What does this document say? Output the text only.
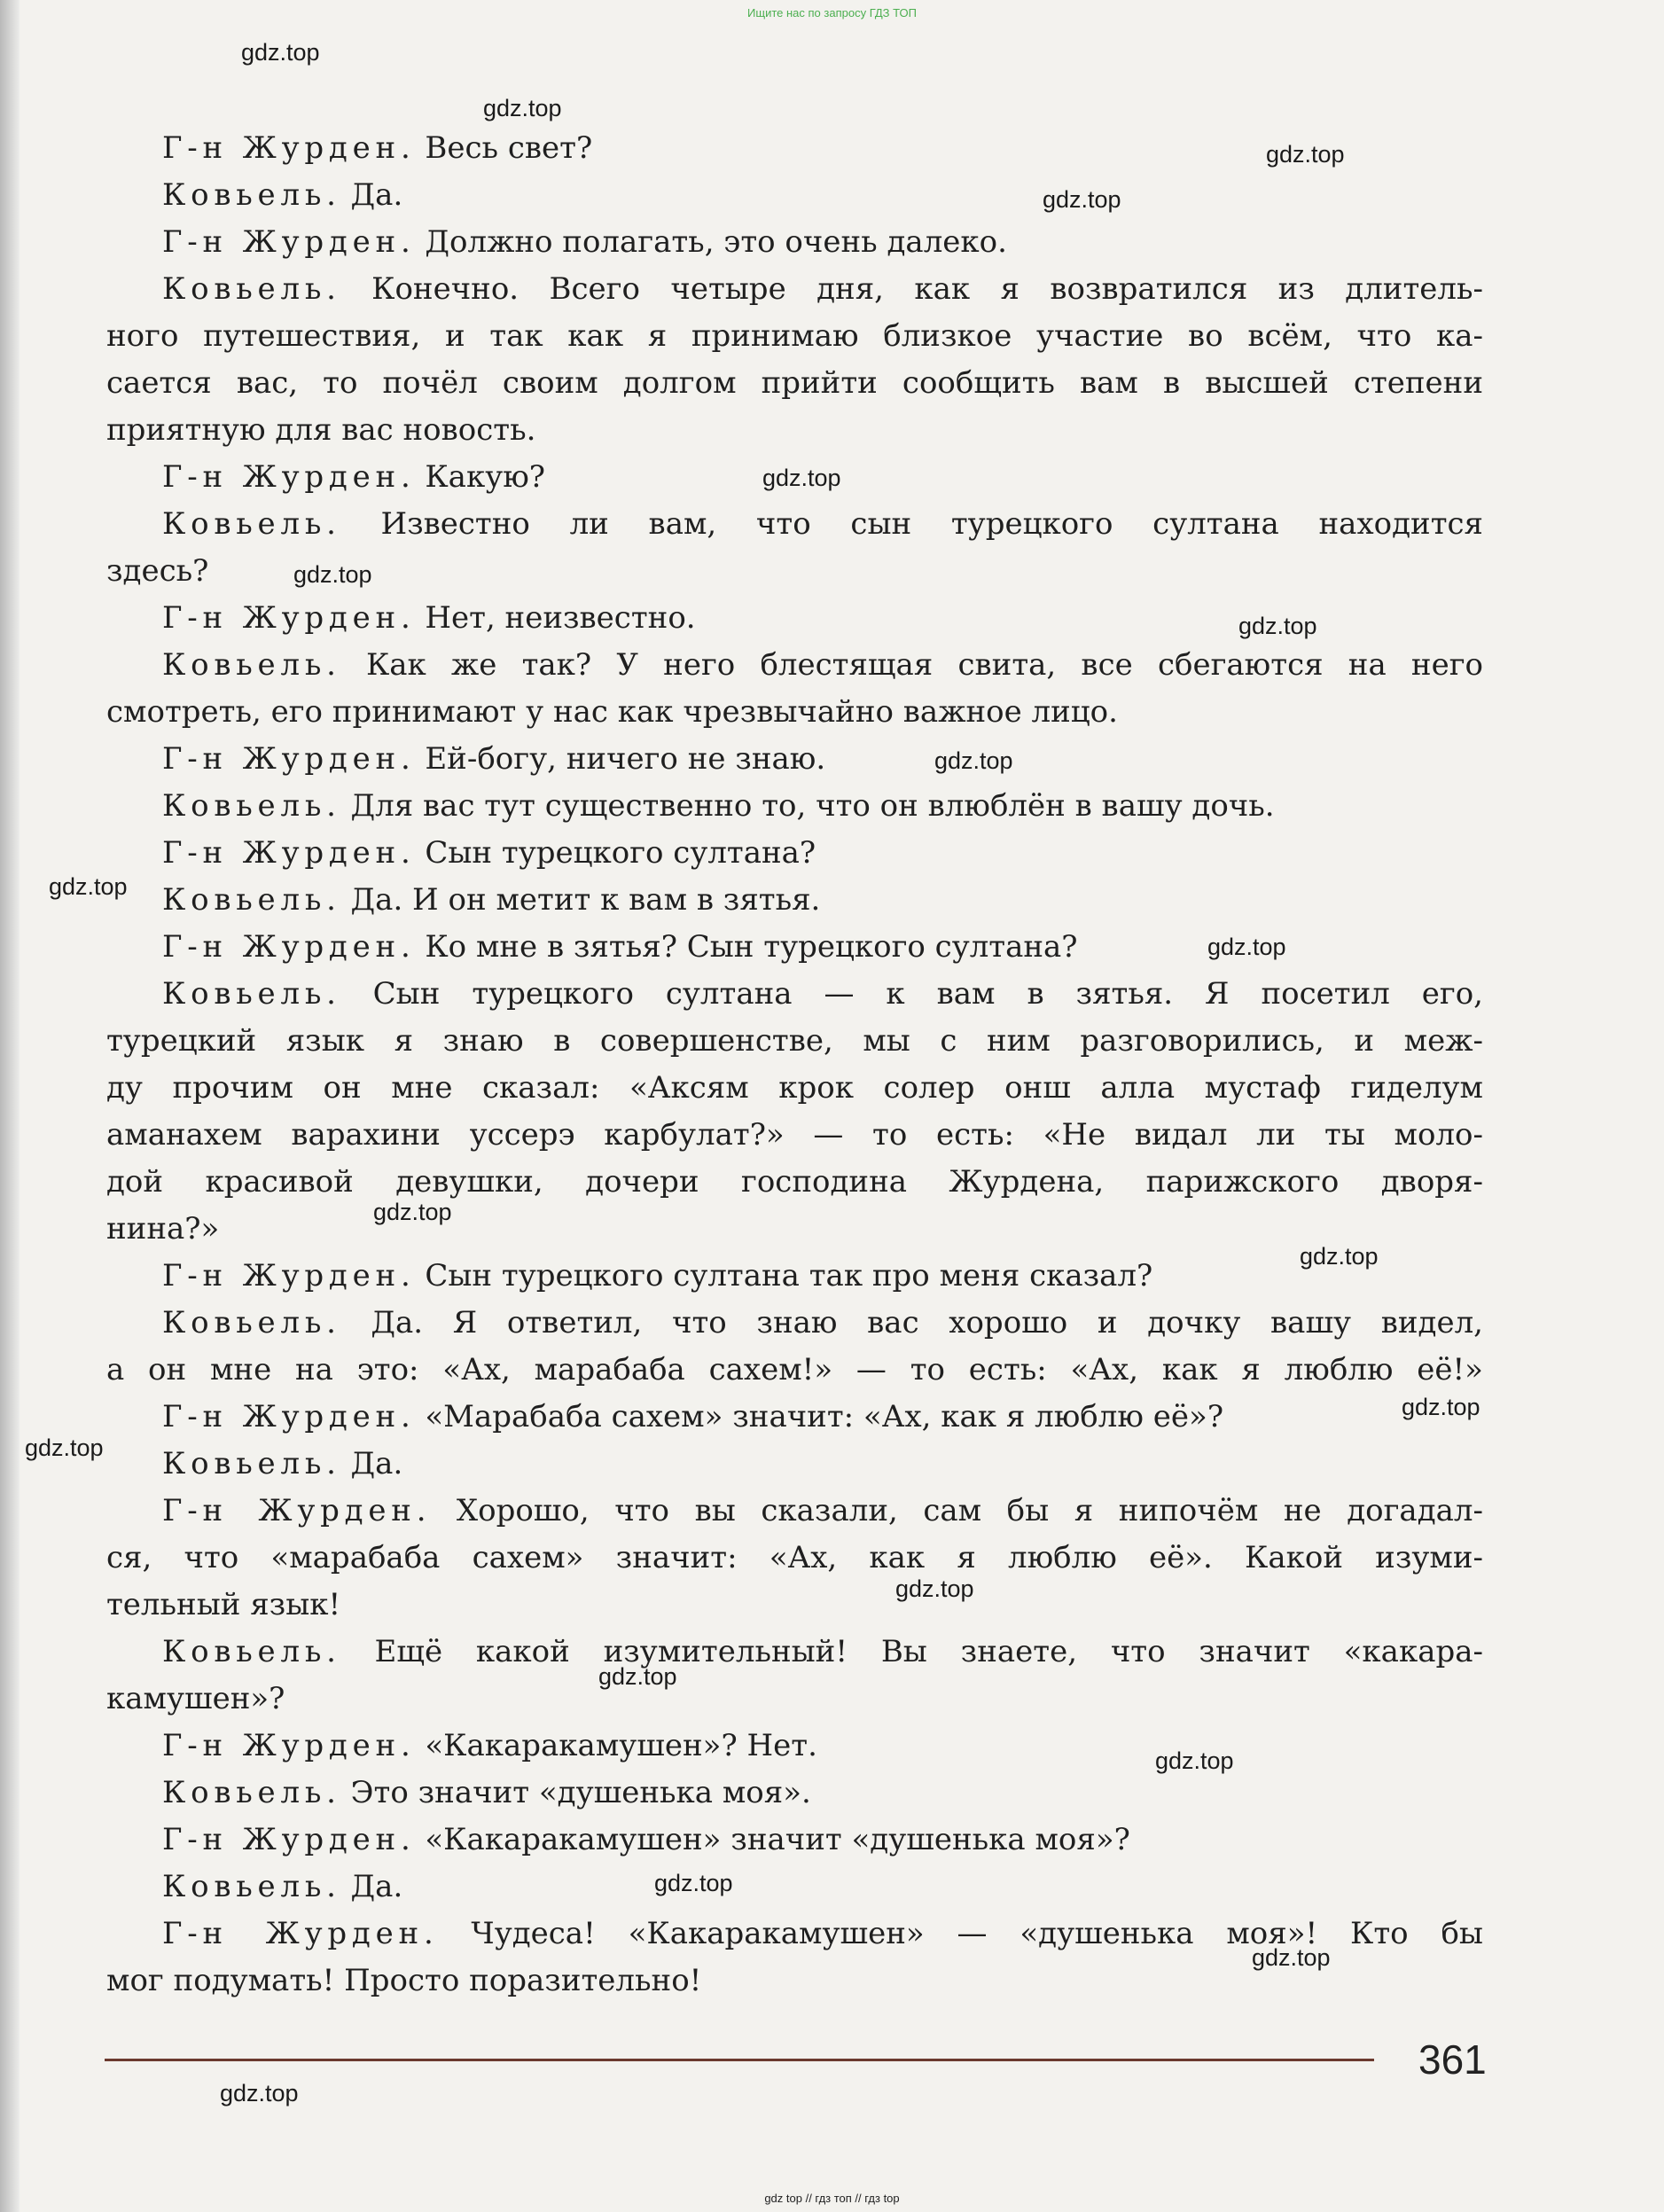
Ищите нас по запросу ГДЗ ТОП
Г-н Журден. Весь свет?
Ковьель. Да.
Г-н Журден. Должно полагать, это очень далеко.
Ковьель. Конечно. Всего четыре дня, как я возвратился из длитель-
ного путешествия, и так как я принимаю близкое участие во всём, что ка-
сается вас, то почёл своим долгом прийти сообщить вам в высшей степени
приятную для вас новость.
Г-н Журден. Какую?
Ковьель. Известно ли вам, что сын турецкого султана находится
здесь?
Г-н Журден. Нет, неизвестно.
Ковьель. Как же так? У него блестящая свита, все сбегаются на него
смотреть, его принимают у нас как чрезвычайно важное лицо.
Г-н Журден. Ей-богу, ничего не знаю.
Ковьель. Для вас тут существенно то, что он влюблён в вашу дочь.
Г-н Журден. Сын турецкого султана?
Ковьель. Да. И он метит к вам в зятья.
Г-н Журден. Ко мне в зятья? Сын турецкого султана?
Ковьель. Сын турецкого султана — к вам в зятья. Я посетил его,
турецкий язык я знаю в совершенстве, мы с ним разговорились, и меж-
ду прочим он мне сказал: «Аксям крок солер онш алла мустаф гиделум
аманахем варахини уссерэ карбулат?» — то есть: «Не видал ли ты моло-
дой красивой девушки, дочери господина Журдена, парижского дворя-
нина?»
Г-н Журден. Сын турецкого султана так про меня сказал?
Ковьель. Да. Я ответил, что знаю вас хорошо и дочку вашу видел,
а он мне на это: «Ах, марабаба сахем!» — то есть: «Ах, как я люблю её!»
Г-н Журден. «Марабаба сахем» значит: «Ах, как я люблю её»?
Ковьель. Да.
Г-н Журден. Хорошо, что вы сказали, сам бы я нипочём не догадал-
ся, что «марабаба сахем» значит: «Ах, как я люблю её». Какой изуми-
тельный язык!
Ковьель. Ещё какой изумительный! Вы знаете, что значит «какара-
камушен»?
Г-н Журден. «Какаракамушен»? Нет.
Ковьель. Это значит «душенька моя».
Г-н Журден. «Какаракамушен» значит «душенька моя»?
Ковьель. Да.
Г-н Журден. Чудеса! «Какаракамушен» — «душенька моя»! Кто бы
мог подумать! Просто поразительно!
gdz.top
gdz.top
gdz.top
gdz.top
gdz.top
gdz.top
gdz.top
gdz.top
gdz.top
gdz.top
gdz.top
gdz.top
gdz.top
gdz.top
gdz.top
gdz.top
gdz.top
gdz.top
gdz.top
gdz.top
361
gdz top // гдз топ // гдз top
